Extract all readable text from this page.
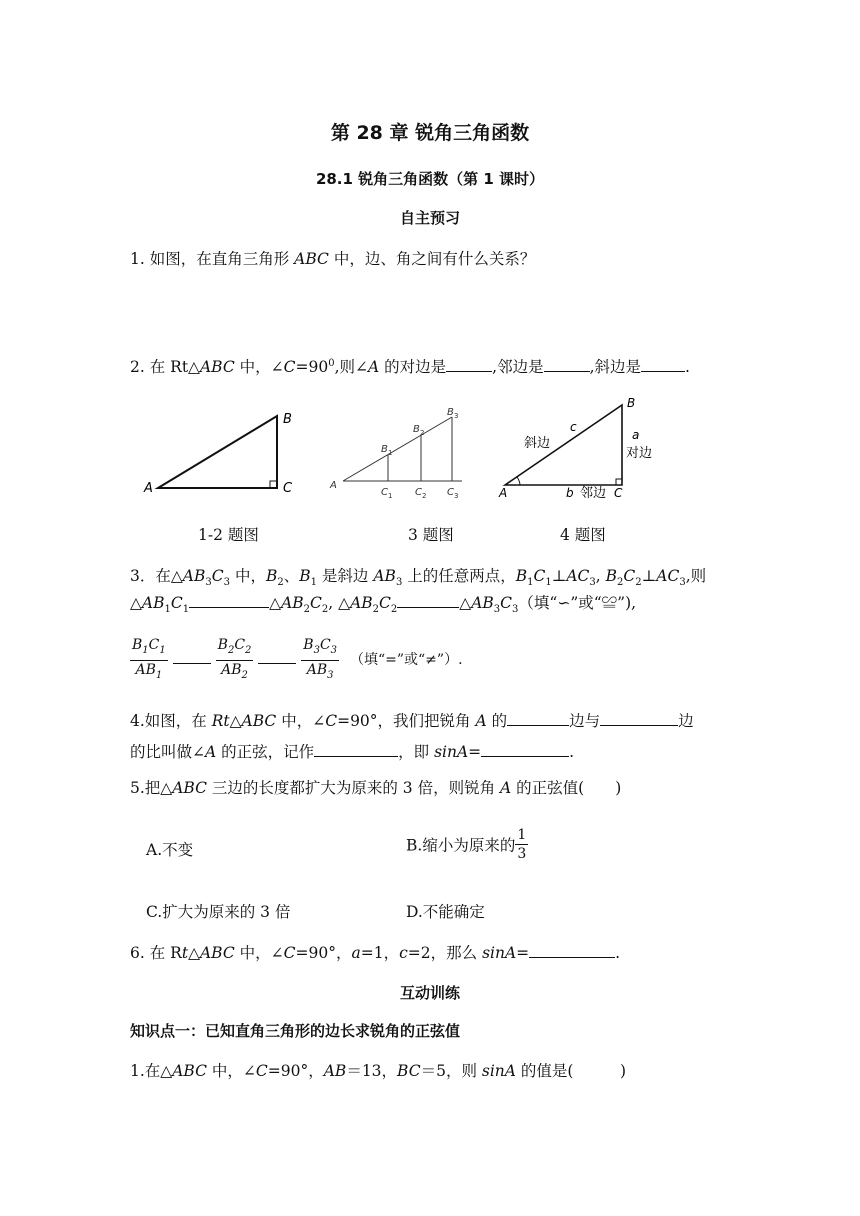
第 28 章 锐角三角函数
28.1 锐角三角函数（第 1 课时）
自主预习
1. 如图，在直角三角形 ABC 中，边、角之间有什么关系？
2. 在 Rt△ABC 中，$\angle C=90^0$,则∠A 的对边是	,邻边是	,斜边是	.
A
B
C	A
B 1
B 2
B 3
C 1 C 2 C 3	A
B
C
a
对边
c
斜边
b 邻边
1-2 题图	3 题图	4 题图
3．在$\triangle AB_3C_3$ 中，$B_2$、$B_1$ 是斜边 $AB_3$ 上的任意两点，$B_1C_1\perp AC_3$, $B_2C_2\perp AC_3$,则
$\triangle AB_1C_1$	$\triangle AB_2C_2$, $\triangle AB_2C_2$	$\triangle AB_3C_3$（填“∽”或“≌”),
$\frac{B_1C_1}{AB_1}$
	$\frac{B_2C_2}{AB_2}$
	$\frac{B_3C_3}{AB_3}$ （填“=”或“≠”）.
4.如图，在 Rt△ABC 中，∠C=90°，我们把锐角 A 的	边与	边
的比叫做∠A 的正弦，记作	，即 sinA=	.
5.把△ABC 三边的长度都扩大为原来的 3 倍，则锐角 A 的正弦值(　　)
A.不变	B.缩小为原来的 $\frac{1}{3}$
C.扩大为原来的 3 倍	D.不能确定
6. 在 Rt△ABC 中，∠C=90°，a=1，c=2，那么 sinA=	.
互动训练
知识点一：已知直角三角形的边长求锐角的正弦值
1.在△ABC 中，∠C=90°，AB＝13，BC＝5，则 sinA 的值是(　　　)
